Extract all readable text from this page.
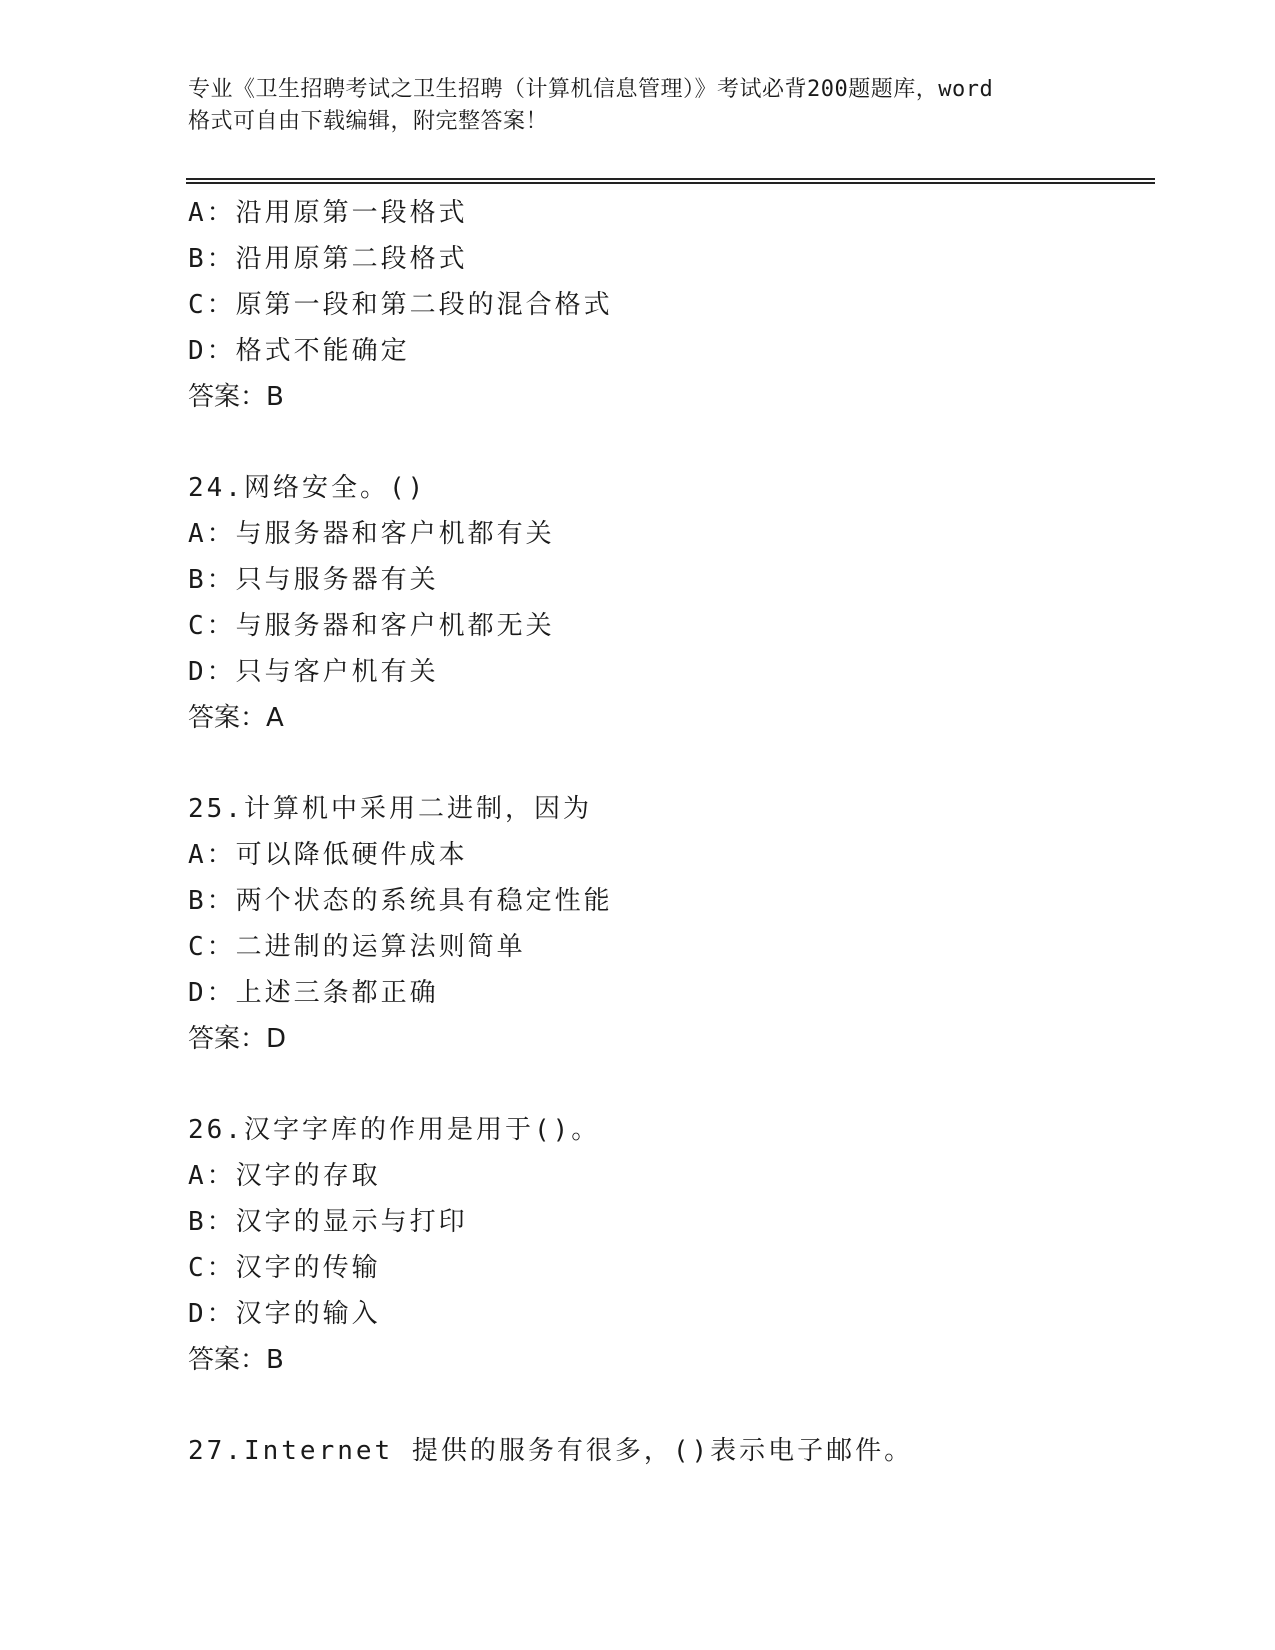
专业《卫生招聘考试之卫生招聘（计算机信息管理）》考试必背200题题库，word
格式可自由下载编辑，附完整答案！
A：沿用原第一段格式
B：沿用原第二段格式
C：原第一段和第二段的混合格式
D：格式不能确定
答案：B
24.网络安全。()
A：与服务器和客户机都有关
B：只与服务器有关
C：与服务器和客户机都无关
D：只与客户机有关
答案：A
25.计算机中采用二进制，因为
A：可以降低硬件成本
B：两个状态的系统具有稳定性能
C：二进制的运算法则简单
D：上述三条都正确
答案：D
26.汉字字库的作用是用于()。
A：汉字的存取
B：汉字的显示与打印
C：汉字的传输
D：汉字的输入
答案：B
27.Internet 提供的服务有很多，()表示电子邮件。
